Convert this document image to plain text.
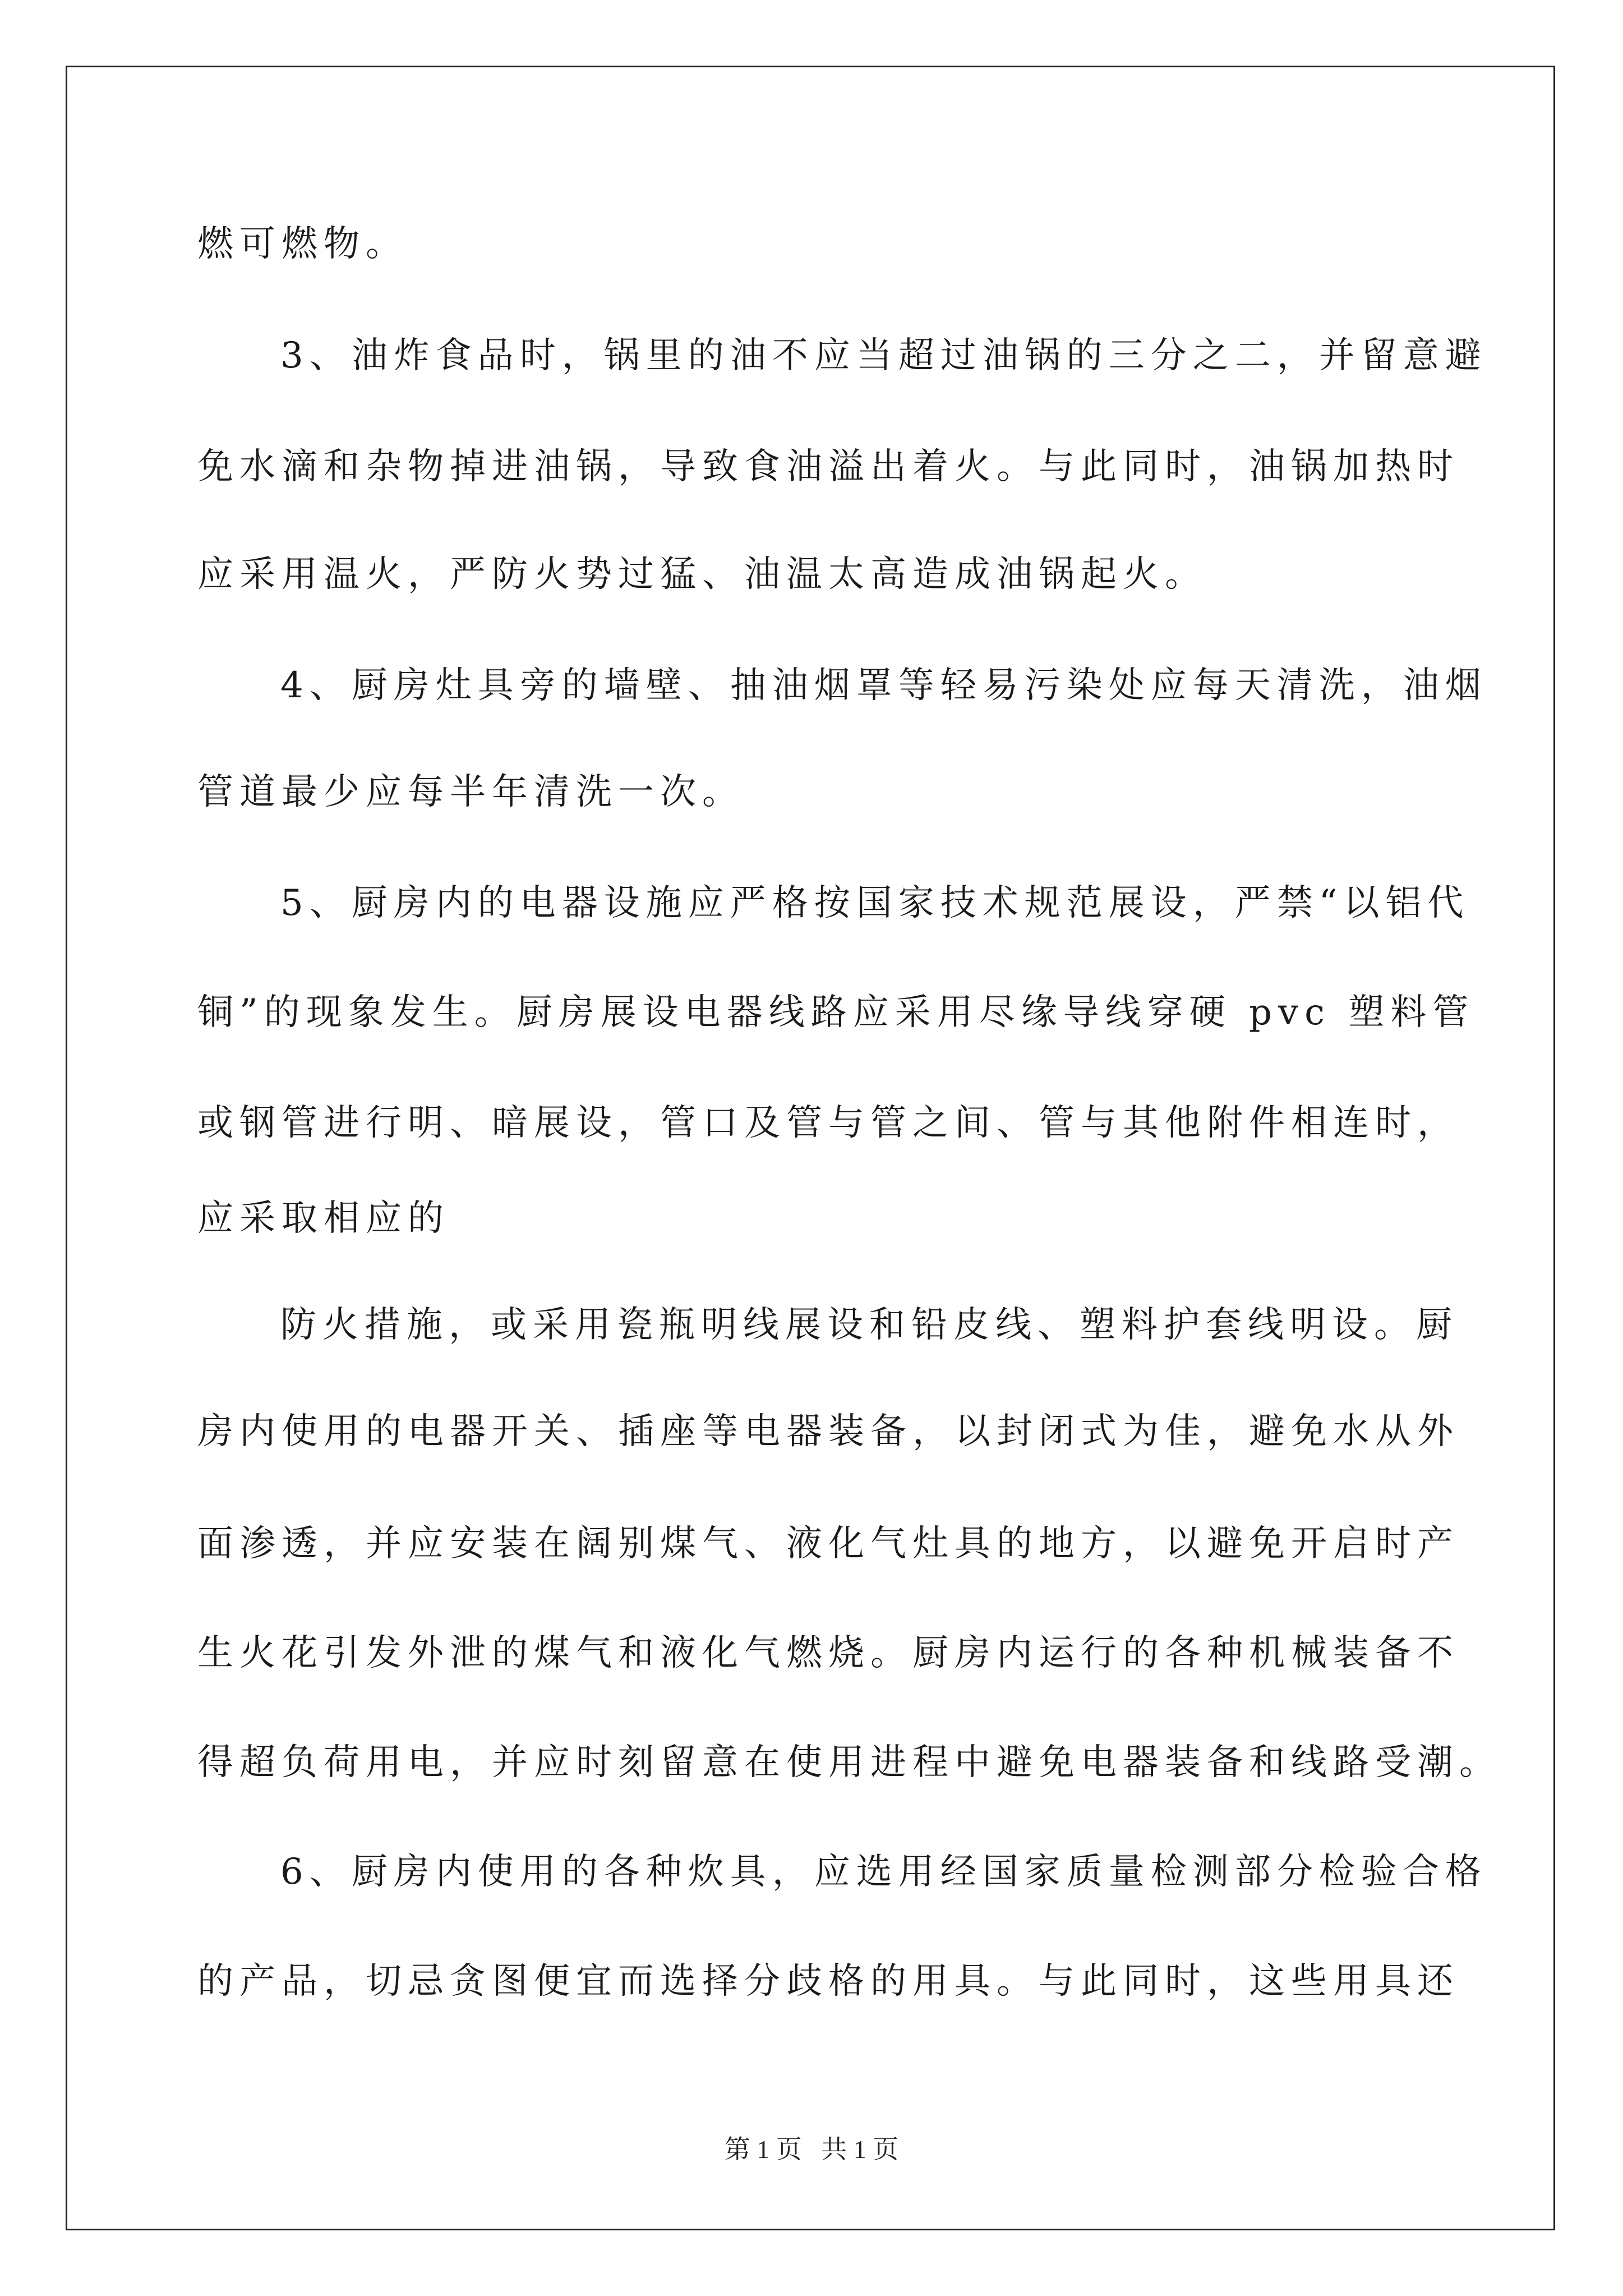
燃可燃物。
3、油炸食品时，锅里的油不应当超过油锅的三分之二，并留意避
免水滴和杂物掉进油锅，导致食油溢出着火。与此同时，油锅加热时
应采用温火，严防火势过猛、油温太高造成油锅起火。
4、厨房灶具旁的墙壁、抽油烟罩等轻易污染处应每天清洗，油烟
管道最少应每半年清洗一次。
5、厨房内的电器设施应严格按国家技术规范展设，严禁“以铝代
铜”的现象发生。厨房展设电器线路应采用尽缘导线穿硬 pvc 塑料管
或钢管进行明、暗展设，管口及管与管之间、管与其他附件相连时，
应采取相应的
防火措施，或采用瓷瓶明线展设和铅皮线、塑料护套线明设。厨
房内使用的电器开关、插座等电器装备，以封闭式为佳，避免水从外
面渗透，并应安装在阔别煤气、液化气灶具的地方，以避免开启时产
生火花引发外泄的煤气和液化气燃烧。厨房内运行的各种机械装备不
得超负荷用电，并应时刻留意在使用进程中避免电器装备和线路受潮。
6、厨房内使用的各种炊具，应选用经国家质量检测部分检验合格
的产品，切忌贪图便宜而选择分歧格的用具。与此同时，这些用具还
第 1 页   共 1 页
